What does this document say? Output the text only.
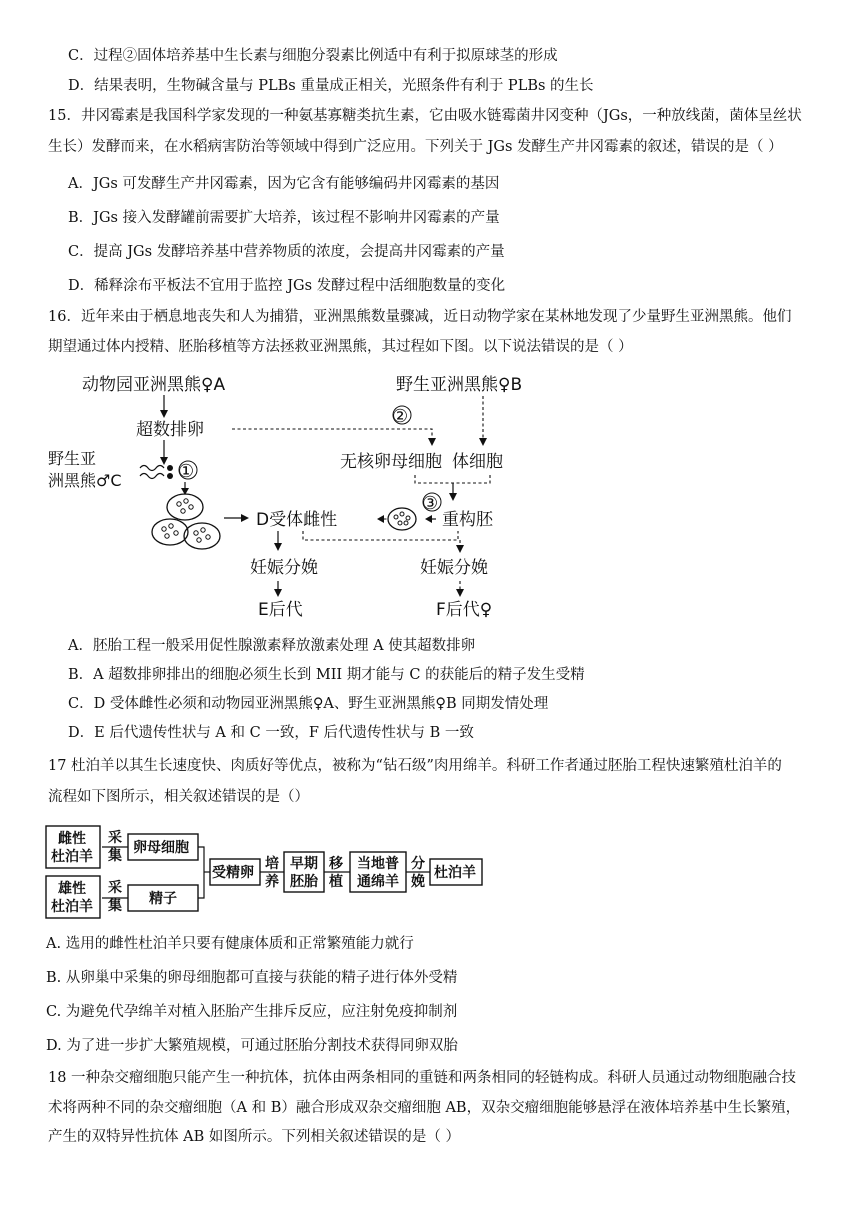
C．过程②固体培养基中生长素与细胞分裂素比例适中有利于拟原球茎的形成
D．结果表明，生物碱含量与 PLBs 重量成正相关，光照条件有利于 PLBs 的生长
15．井冈霉素是我国科学家发现的一种氨基寡糖类抗生素，它由吸水链霉菌井冈变种（JGs，一种放线菌，菌体呈丝状
生长）发酵而来，在水稻病害防治等领域中得到广泛应用。下列关于 JGs 发酵生产井冈霉素的叙述，错误的是（ ）
A．JGs 可发酵生产井冈霉素，因为它含有能够编码井冈霉素的基因
B．JGs 接入发酵罐前需要扩大培养，该过程不影响井冈霉素的产量
C．提高 JGs 发酵培养基中营养物质的浓度，会提高井冈霉素的产量
D．稀释涂布平板法不宜用于监控 JGs 发酵过程中活细胞数量的变化
16．近年来由于栖息地丧失和人为捕猎，亚洲黑熊数量骤减，近日动物学家在某林地发现了少量野生亚洲黑熊。他们
期望通过体内授精、胚胎移植等方法拯救亚洲黑熊，其过程如下图。以下说法错误的是（ ）
动物园亚洲黑熊♀A	野生亚洲黑熊♀B
超数排卵
②
无核卵母细胞 体细胞
野生亚
洲黑熊♂C	①
③
D受体雌性	重构胚
妊娠分娩	妊娠分娩
E后代	F后代♀
A．胚胎工程一般采用促性腺激素释放激素处理 A 使其超数排卵
B．A 超数排卵排出的细胞必须生长到 MII 期才能与 C 的获能后的精子发生受精
C．D 受体雌性必须和动物园亚洲黑熊♀A、野生亚洲黑熊♀B 同期发情处理
D．E 后代遗传性状与 A 和 C 一致，F 后代遗传性状与 B 一致
17 杜泊羊以其生长速度快、肉质好等优点，被称为“钻石级”肉用绵羊。科研工作者通过胚胎工程快速繁殖杜泊羊的
流程如下图所示，相关叙述错误的是（）
雌性
杜泊羊
采
集 卵母细胞
雄性
杜泊羊
采
集 精子
受精卵
培
养
早期
胚胎
移
植
当地普
通绵羊
分
娩
杜泊羊
A. 选用的雌性杜泊羊只要有健康体质和正常繁殖能力就行
B. 从卵巢中采集的卵母细胞都可直接与获能的精子进行体外受精
C. 为避免代孕绵羊对植入胚胎产生排斥反应，应注射免疫抑制剂
D. 为了进一步扩大繁殖规模，可通过胚胎分割技术获得同卵双胎
18 一种杂交瘤细胞只能产生一种抗体，抗体由两条相同的重链和两条相同的轻链构成。科研人员通过动物细胞融合技
术将两种不同的杂交瘤细胞（A 和 B）融合形成双杂交瘤细胞 AB，双杂交瘤细胞能够悬浮在液体培养基中生长繁殖，
产生的双特异性抗体 AB 如图所示。下列相关叙述错误的是（ ）
